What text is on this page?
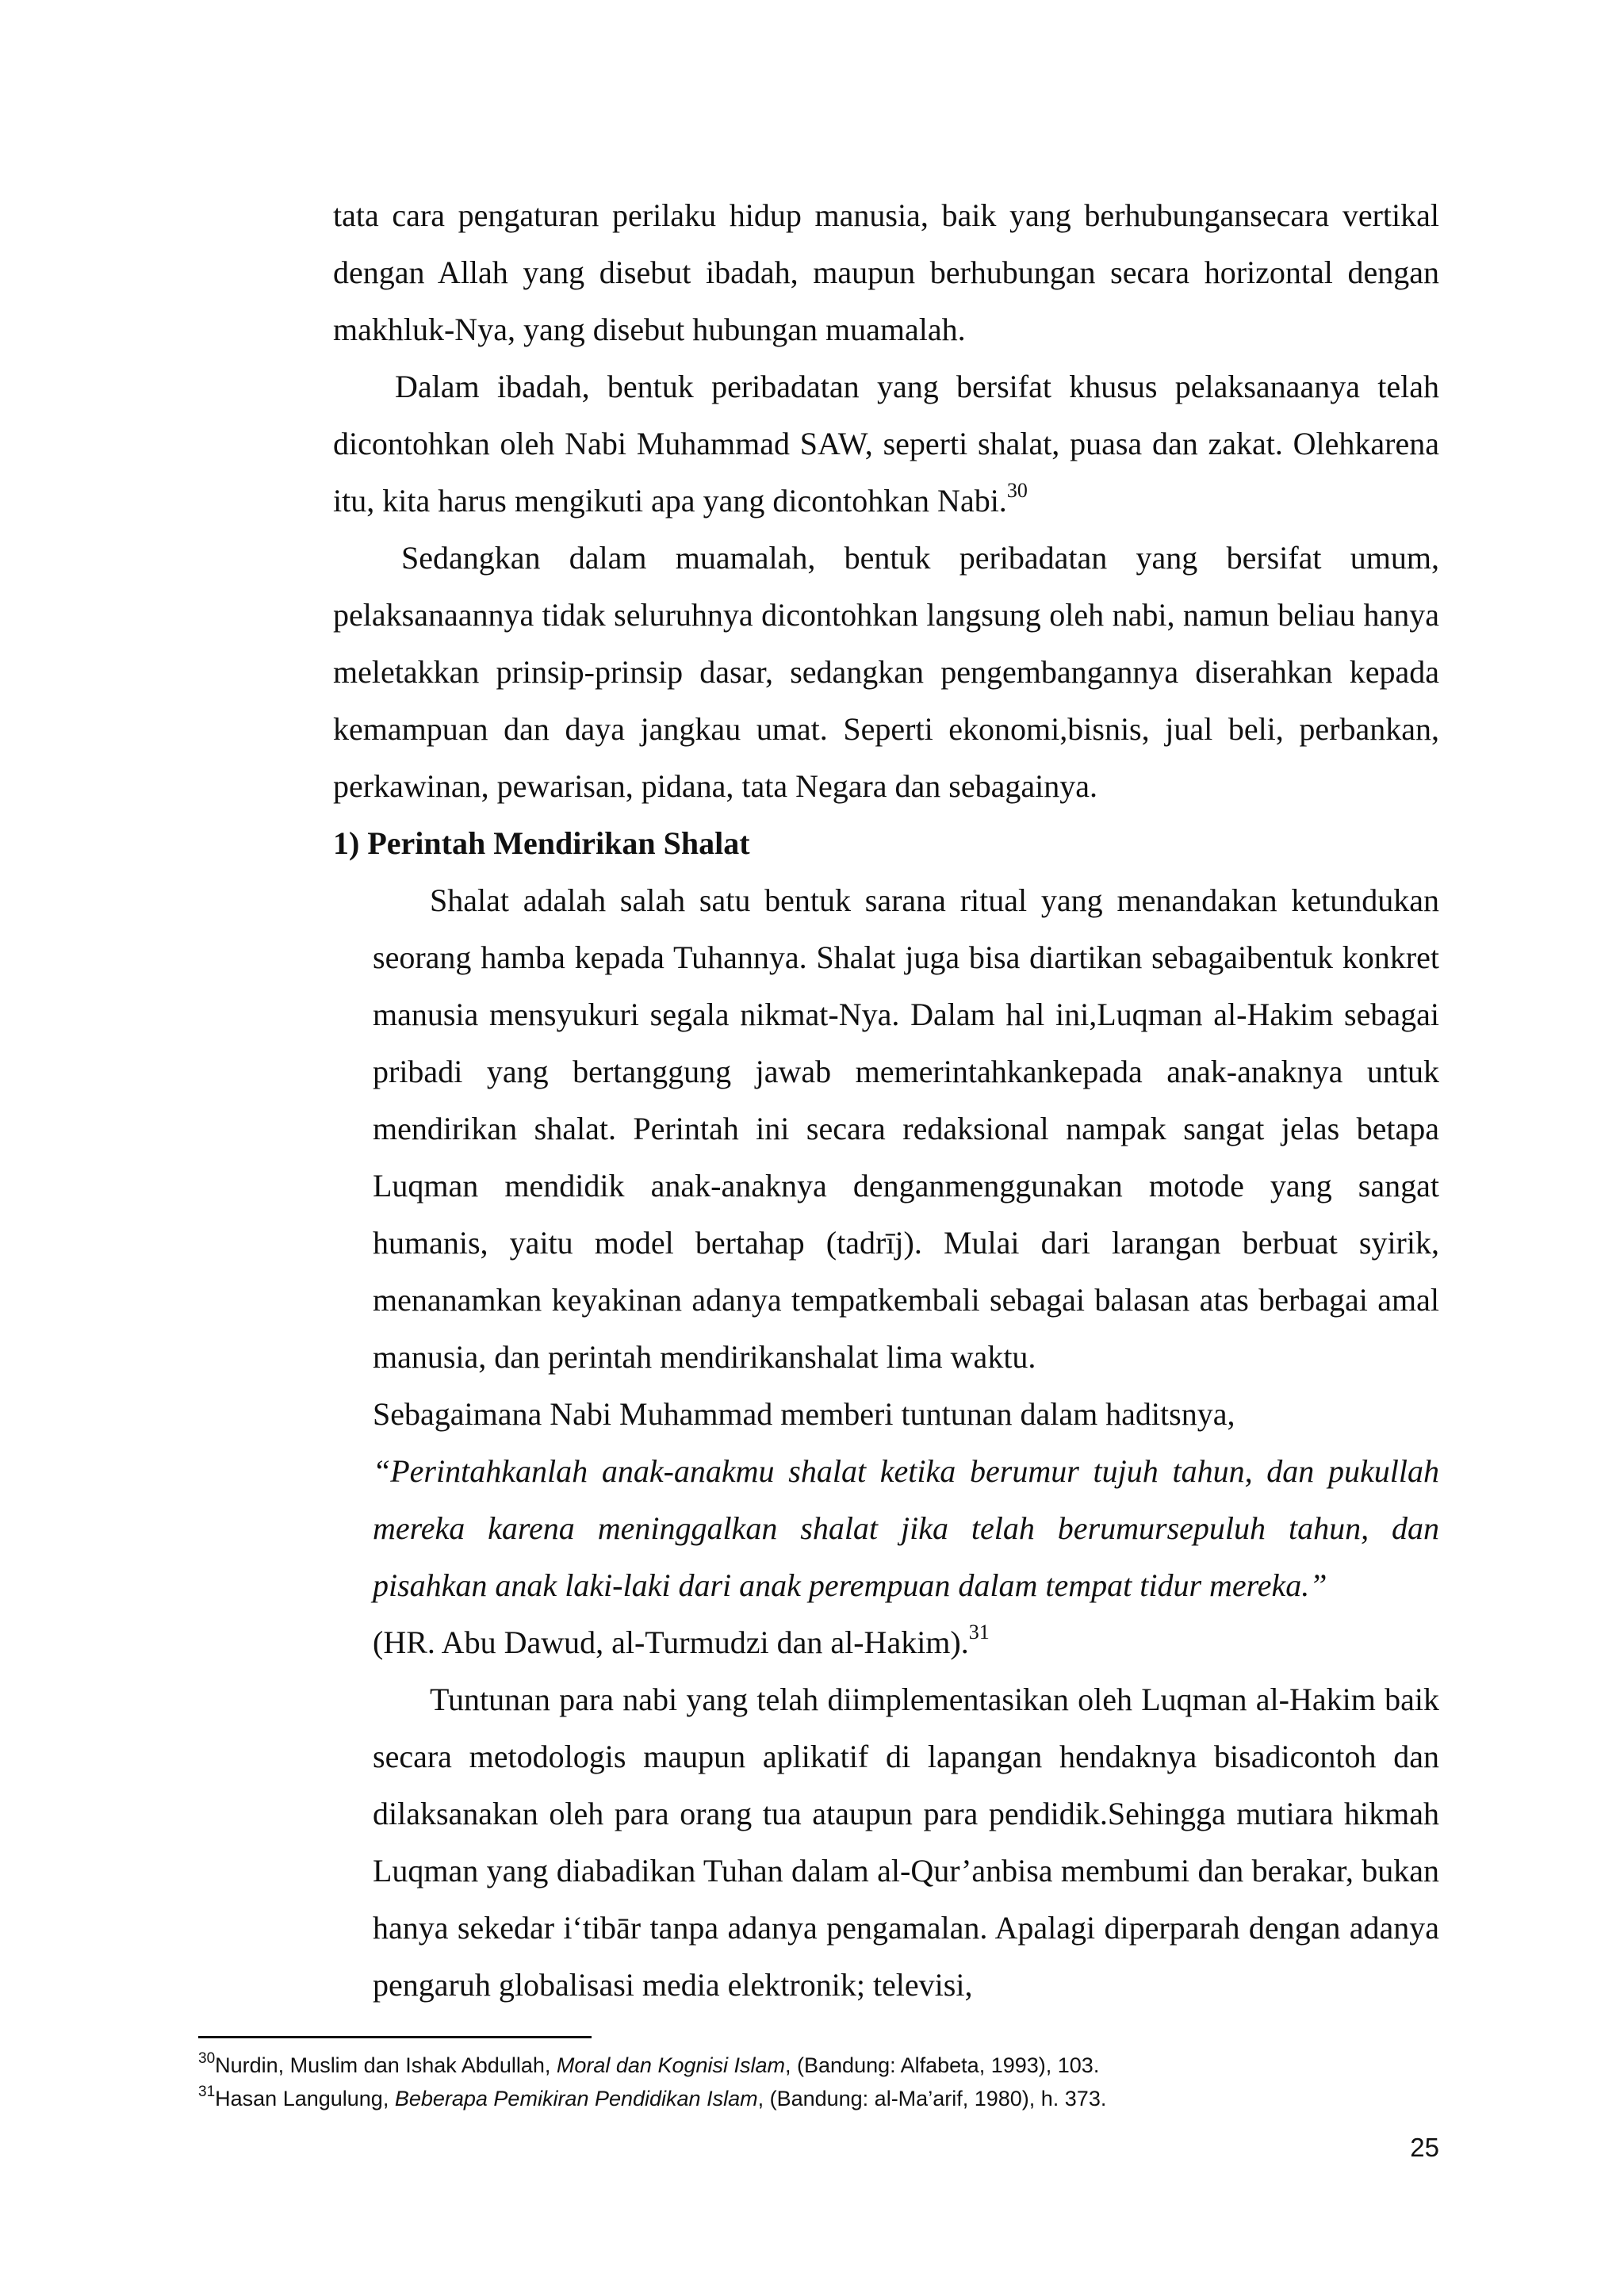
tata cara pengaturan perilaku hidup manusia, baik yang berhubungansecara vertikal dengan Allah yang disebut ibadah, maupun berhubungan secara horizontal dengan makhluk-Nya, yang disebut hubungan muamalah.

Dalam ibadah, bentuk peribadatan yang bersifat khusus pelaksanaanya telah dicontohkan oleh Nabi Muhammad SAW, seperti shalat, puasa dan zakat. Olehkarena itu, kita harus mengikuti apa yang dicontohkan Nabi.$^{30}$

Sedangkan dalam muamalah, bentuk peribadatan yang bersifat umum, pelaksanaannya tidak seluruhnya dicontohkan langsung oleh nabi, namun beliau hanya meletakkan prinsip-prinsip dasar, sedangkan pengembangannya diserahkan kepada kemampuan dan daya jangkau umat. Seperti ekonomi,bisnis, jual beli, perbankan, perkawinan, pewarisan, pidana, tata Negara dan sebagainya.

1) Perintah Mendirikan Shalat

Shalat adalah salah satu bentuk sarana ritual yang menandakan ketundukan seorang hamba kepada Tuhannya. Shalat juga bisa diartikan sebagaibentuk konkret manusia mensyukuri segala nikmat-Nya. Dalam hal ini,Luqman al-Hakim sebagai pribadi yang bertanggung jawab memerintahkankepada anak-anaknya untuk mendirikan shalat. Perintah ini secara redaksional nampak sangat jelas betapa Luqman mendidik anak-anaknya denganmenggunakan motode yang sangat humanis, yaitu model bertahap (tadrīj). Mulai dari larangan berbuat syirik, menanamkan keyakinan adanya tempatkembali sebagai balasan atas berbagai amal manusia, dan perintah mendirikanshalat lima waktu.

Sebagaimana Nabi Muhammad memberi tuntunan dalam haditsnya,

“Perintahkanlah anak-anakmu shalat ketika berumur tujuh tahun, dan pukullah mereka karena meninggalkan shalat jika telah berumursepuluh tahun, dan pisahkan anak laki-laki dari anak perempuan dalam tempat tidur mereka.”

(HR. Abu Dawud, al-Turmudzi dan al-Hakim).$^{31}$

Tuntunan para nabi yang telah diimplementasikan oleh Luqman al-Hakim baik secara metodologis maupun aplikatif di lapangan hendaknya bisadicontoh dan dilaksanakan oleh para orang tua ataupun para pendidik.Sehingga mutiara hikmah Luqman yang diabadikan Tuhan dalam al-Qur’anbisa membumi dan berakar, bukan hanya sekedar i‘tibār tanpa adanya pengamalan. Apalagi diperparah dengan adanya pengaruh globalisasi media elektronik; televisi,

$^{30}$Nurdin, Muslim dan Ishak Abdullah, Moral dan Kognisi Islam, (Bandung: Alfabeta, 1993), 103.

$^{31}$Hasan Langulung, Beberapa Pemikiran Pendidikan Islam, (Bandung: al-Ma’arif, 1980), h. 373.

25
